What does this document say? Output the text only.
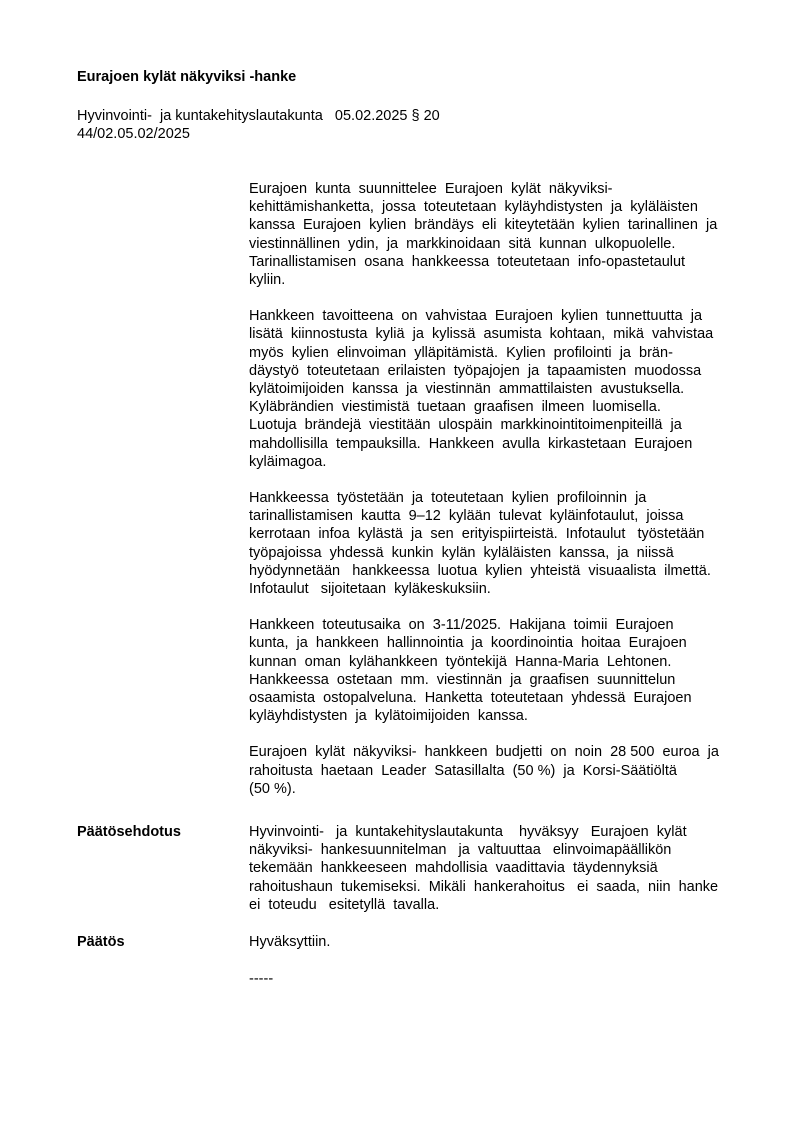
Eurajoen kylät näkyviksi -hanke
Hyvinvointi-  ja kuntakehityslautakunta   05.02.2025 § 20
44/02.05.02/2025
Eurajoen  kunta  suunnittelee  Eurajoen  kylät  näkyviksi-
kehittämishanketta,  jossa  toteutetaan  kyläyhdistysten  ja  kyläläisten
kanssa  Eurajoen  kylien  brändäys  eli  kiteytetään  kylien  tarinallinen  ja
viestinnällinen  ydin,  ja  markkinoidaan  sitä  kunnan  ulkopuolelle.
Tarinallistamisen  osana  hankkeessa  toteutetaan  info-opastetaulut
kyliin.
Hankkeen  tavoitteena  on  vahvistaa  Eurajoen  kylien  tunnettuutta  ja
lisätä  kiinnostusta  kyliä  ja  kylissä  asumista  kohtaan,  mikä  vahvistaa
myös  kylien  elinvoiman  ylläpitämistä.  Kylien  profilointi  ja  brän-
däystyö  toteutetaan  erilaisten  työpajojen  ja  tapaamisten  muodossa
kylätoimijoiden  kanssa  ja  viestinnän  ammattilaisten  avustuksella.
Kyläbrändien  viestimistä  tuetaan  graafisen  ilmeen  luomisella.
Luotuja  brändejä  viestitään  ulospäin  markkinointitoimenpiteillä  ja
mahdollisilla  tempauksilla.  Hankkeen  avulla  kirkastetaan  Eurajoen
kyläimagoa.
Hankkeessa  työstetään  ja  toteutetaan  kylien  profiloinnin  ja
tarinallistamisen  kautta  9–12  kylään  tulevat  kyläinfotaulut,  joissa
kerrotaan  infoa  kylästä  ja  sen  erityispiirteistä.  Infotaulut   työstetään
työpajoissa  yhdessä  kunkin  kylän  kyläläisten  kanssa,  ja  niissä
hyödynnetään   hankkeessa  luotua  kylien  yhteistä  visuaalista  ilmettä.
Infotaulut   sijoitetaan  kyläkeskuksiin.
Hankkeen  toteutusaika  on  3-11/2025.  Hakijana  toimii  Eurajoen
kunta,  ja  hankkeen  hallinnointia  ja  koordinointia  hoitaa  Eurajoen
kunnan  oman  kylähankkeen  työntekijä  Hanna-Maria  Lehtonen.
Hankkeessa  ostetaan  mm.  viestinnän  ja  graafisen  suunnittelun
osaamista  ostopalveluna.  Hanketta  toteutetaan  yhdessä  Eurajoen
kyläyhdistysten  ja  kylätoimijoiden  kanssa.
Eurajoen  kylät  näkyviksi-  hankkeen  budjetti  on  noin  28 500  euroa  ja
rahoitusta  haetaan  Leader  Satasillalta  (50 %)  ja  Korsi-Säätiöltä
(50 %).
Päätösehdotus	Hyvinvointi-   ja  kuntakehityslautakunta    hyväksyy   Eurajoen  kylät
näkyviksi-  hankesuunnitelman   ja  valtuuttaa   elinvoimapäällikön
tekemään  hankkeeseen  mahdollisia  vaadittavia  täydennyksiä
rahoitushaun  tukemiseksi.  Mikäli  hankerahoitus   ei  saada,  niin  hanke
ei  toteudu   esitetyllä  tavalla.
Päätös	Hyväksyttiin.
-----
